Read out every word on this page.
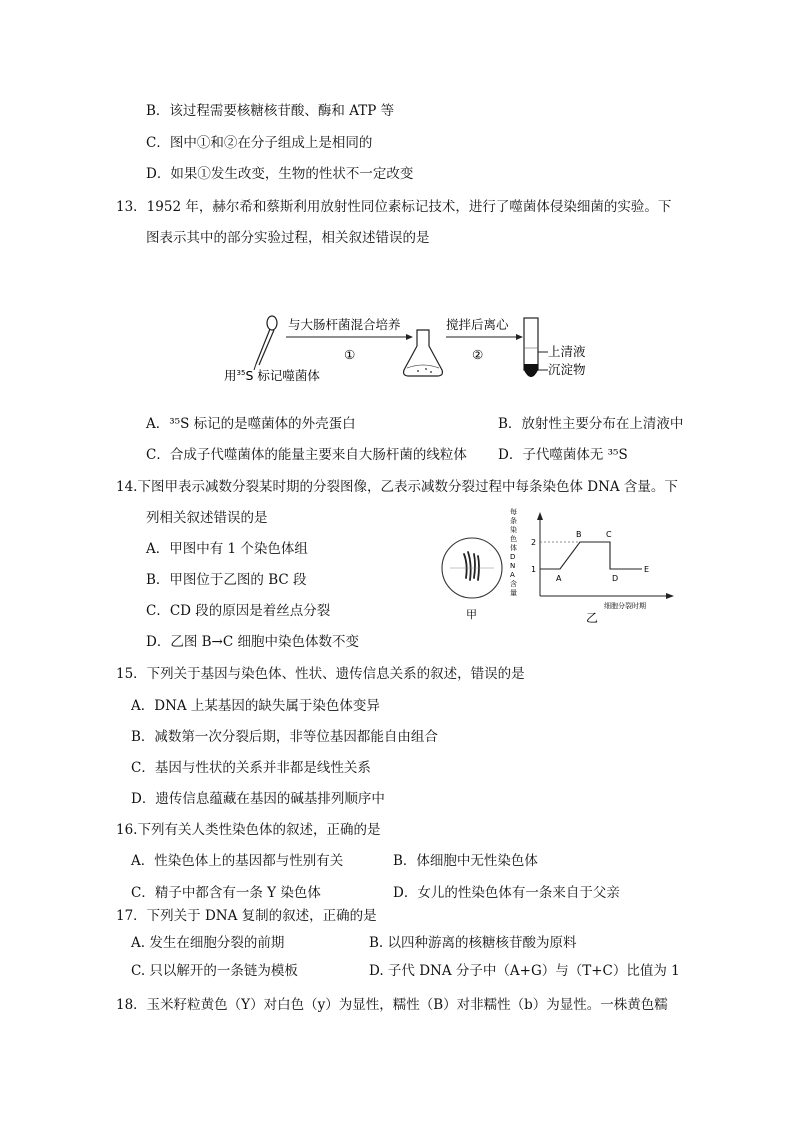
B．该过程需要核糖核苷酸、酶和 ATP 等
C．图中①和②在分子组成上是相同的
D．如果①发生改变，生物的性状不一定改变
13．1952 年，赫尔希和蔡斯利用放射性同位素标记技术，进行了噬菌体侵染细菌的实验。下
图表示其中的部分实验过程，相关叙述错误的是
用$^{35}$S 标记噬菌体
与大肠杆菌混合培养
①
搅拌后离心
②	上清液
沉淀物
A．³⁵S 标记的是噬菌体的外壳蛋白	B．放射性主要分布在上清液中
C．合成子代噬菌体的能量主要来自大肠杆菌的线粒体 D．子代噬菌体无 ³⁵S
14.下图甲表示减数分裂某时期的分裂图像，乙表示减数分裂过程中每条染色体 DNA 含量。下
列相关叙述错误的是
A．甲图中有 1 个染色体组
B．甲图位于乙图的 BC 段
C．CD 段的原因是着丝点分裂
D．乙图 B→C 细胞中染色体数不变
甲
每
条
染
色
体
D
N
A
含
量
1
2
A
B	C
D
E
细胞分裂时期
乙
15．下列关于基因与染色体、性状、遗传信息关系的叙述，错误的是
A．DNA 上某基因的缺失属于染色体变异
B．减数第一次分裂后期，非等位基因都能自由组合
C．基因与性状的关系并非都是线性关系
D．遗传信息蕴藏在基因的碱基排列顺序中
16.下列有关人类性染色体的叙述，正确的是
A．性染色体上的基因都与性别有关	B．体细胞中无性染色体
C．精子中都含有一条 Y 染色体	D．女儿的性染色体有一条来自于父亲
17．下列关于 DNA 复制的叙述，正确的是
A. 发生在细胞分裂的前期	B. 以四种游离的核糖核苷酸为原料
C. 只以解开的一条链为模板	D. 子代 DNA 分子中（A+G）与（T+C）比值为 1
18．玉米籽粒黄色（Y）对白色（y）为显性，糯性（B）对非糯性（b）为显性。一株黄色糯
